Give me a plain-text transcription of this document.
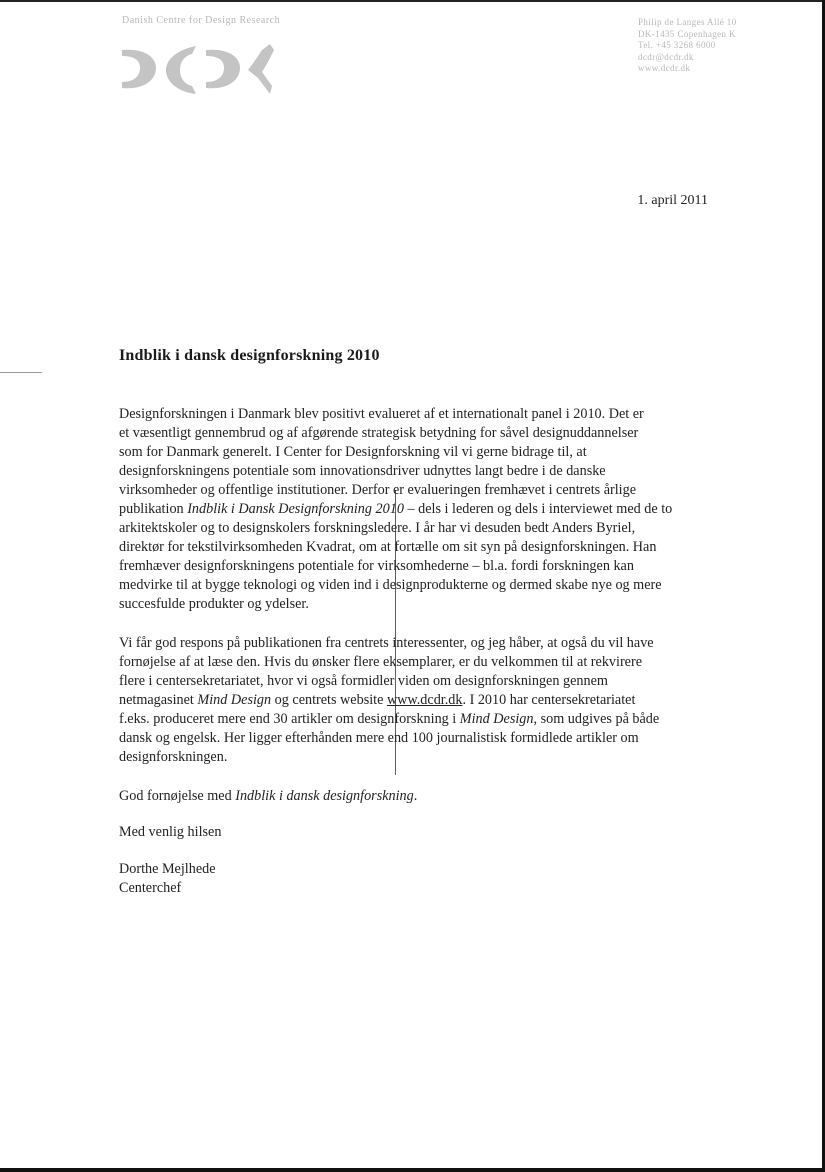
Danish Centre for Design Research	Philip de Langes Allé 10
DK-1435 Copenhagen K
Tel. +45 3268 6000
dcdr@dcdr.dk
www.dcdr.dk
1. april 2011
Indblik i dansk designforskning 2010
Designforskningen i Danmark blev positivt evalueret af et internationalt panel i 2010. Det er
et væsentligt gennembrud og af afgørende strategisk betydning for såvel designuddannelser
som for Danmark generelt. I Center for Designforskning vil vi gerne bidrage til, at
designforskningens potentiale som innovationsdriver udnyttes langt bedre i de danske
virksomheder og offentlige institutioner. Derfor er evalueringen fremhævet i centrets årlige
publikation Indblik i Dansk Designforskning 2010 – dels i lederen og dels i interviewet med de to
arkitektskoler og to designskolers forskningsledere. I år har vi desuden bedt Anders Byriel,
direktør for tekstilvirksomheden Kvadrat, om at fortælle om sit syn på designforskningen. Han
fremhæver designforskningens potentiale for virksomhederne – bl.a. fordi forskningen kan
medvirke til at bygge teknologi og viden ind i designprodukterne og dermed skabe nye og mere
succesfulde produkter og ydelser.
Vi får god respons på publikationen fra centrets interessenter, og jeg håber, at også du vil have
fornøjelse af at læse den. Hvis du ønsker flere eksemplarer, er du velkommen til at rekvirere
flere i centersekretariatet, hvor vi også formidler viden om designforskningen gennem
netmagasinet Mind Design og centrets website www.dcdr.dk. I 2010 har centersekretariatet
f.eks. produceret mere end 30 artikler om designforskning i Mind Design, som udgives på både
dansk og engelsk. Her ligger efterhånden mere end 100 journalistisk formidlede artikler om
designforskningen.
God fornøjelse med Indblik i dansk designforskning.
Med venlig hilsen
Dorthe Mejlhede
Centerchef
